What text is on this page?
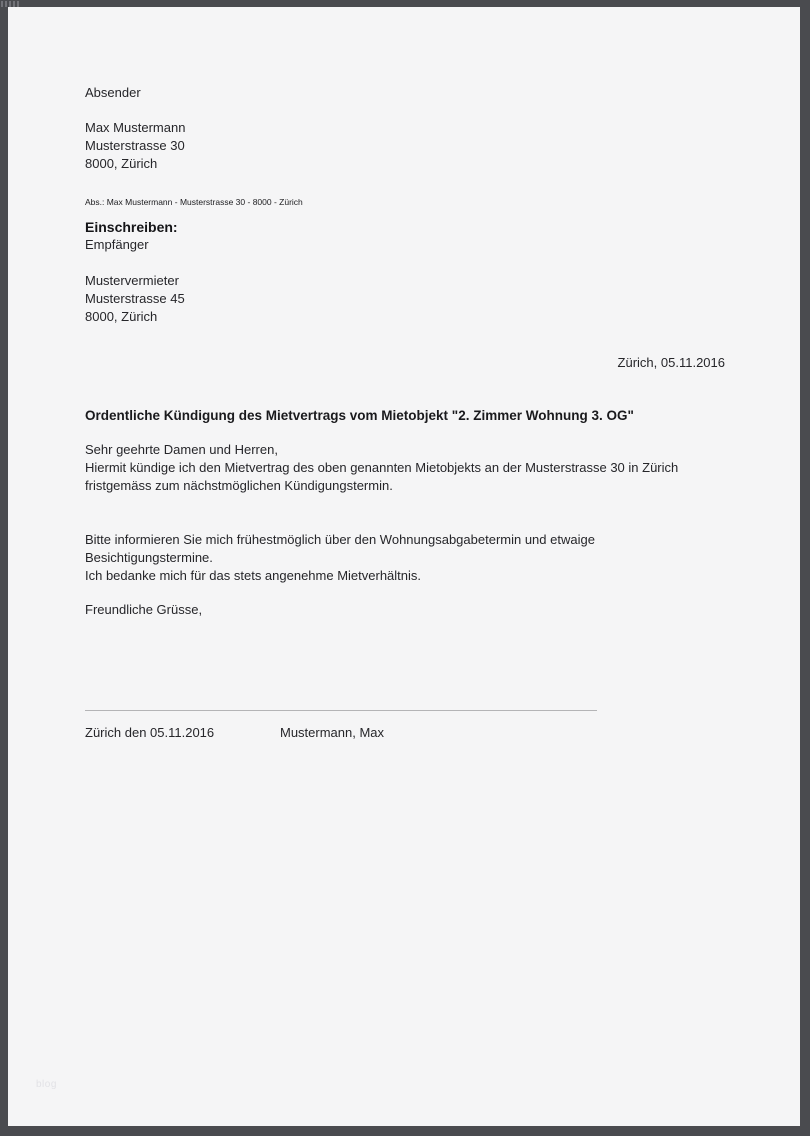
Absender
Max Mustermann
Musterstrasse 30
8000, Zürich
Abs.: Max Mustermann - Musterstrasse 30 - 8000 - Zürich
Einschreiben:
Empfänger
Mustervermieter
Musterstrasse 45
8000, Zürich
Zürich, 05.11.2016
Ordentliche Kündigung des Mietvertrags vom Mietobjekt "2. Zimmer Wohnung 3. OG"
Sehr geehrte Damen und Herren,
Hiermit kündige ich den Mietvertrag des oben genannten Mietobjekts an der Musterstrasse 30 in Zürich
fristgemäss zum nächstmöglichen Kündigungstermin.
Bitte informieren Sie mich frühestmöglich über den Wohnungsabgabetermin und etwaige
Besichtigungstermine.
Ich bedanke mich für das stets angenehme Mietverhältnis.
Freundliche Grüsse,
Zürich den 05.11.2016	Mustermann, Max
blog
